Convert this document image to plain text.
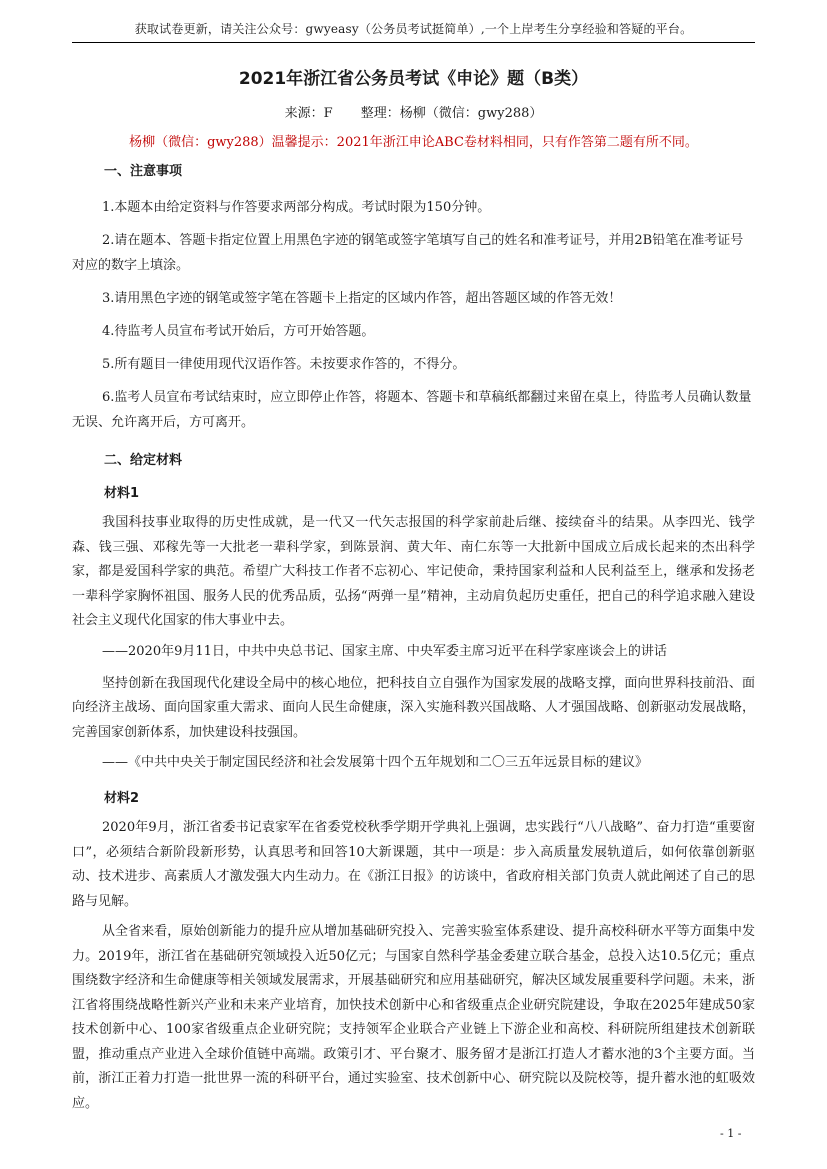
获取试卷更新，请关注公众号：gwyeasy（公务员考试挺简单）,一个上岸考生分享经验和答疑的平台。
2021年浙江省公务员考试《申论》题（B类）
来源：F 整理：杨柳（微信：gwy288）
杨柳（微信：gwy288）温馨提示：2021年浙江申论ABC卷材料相同，只有作答第二题有所不同。
一、注意事项
1.本题本由给定资料与作答要求两部分构成。考试时限为150分钟。
2.请在题本、答题卡指定位置上用黑色字迹的钢笔或签字笔填写自己的姓名和准考证号，并用2B铅笔在准考证号对应的数字上填涂。
3.请用黑色字迹的钢笔或签字笔在答题卡上指定的区域内作答，超出答题区域的作答无效！
4.待监考人员宣布考试开始后，方可开始答题。
5.所有题目一律使用现代汉语作答。未按要求作答的，不得分。
6.监考人员宣布考试结束时，应立即停止作答，将题本、答题卡和草稿纸都翻过来留在桌上，待监考人员确认数量无误、允许离开后，方可离开。
二、给定材料
材料1
我国科技事业取得的历史性成就，是一代又一代矢志报国的科学家前赴后继、接续奋斗的结果。从李四光、钱学森、钱三强、邓稼先等一大批老一辈科学家，到陈景润、黄大年、南仁东等一大批新中国成立后成长起来的杰出科学家，都是爱国科学家的典范。希望广大科技工作者不忘初心、牢记使命，秉持国家利益和人民利益至上，继承和发扬老一辈科学家胸怀祖国、服务人民的优秀品质，弘扬“两弹一星”精神，主动肩负起历史重任，把自己的科学追求融入建设社会主义现代化国家的伟大事业中去。
——2020年9月11日，中共中央总书记、国家主席、中央军委主席习近平在科学家座谈会上的讲话
坚持创新在我国现代化建设全局中的核心地位，把科技自立自强作为国家发展的战略支撑，面向世界科技前沿、面向经济主战场、面向国家重大需求、面向人民生命健康，深入实施科教兴国战略、人才强国战略、创新驱动发展战略，完善国家创新体系，加快建设科技强国。
——《中共中央关于制定国民经济和社会发展第十四个五年规划和二〇三五年远景目标的建议》
材料2
2020年9月，浙江省委书记袁家军在省委党校秋季学期开学典礼上强调，忠实践行“八八战略”、奋力打造“重要窗口”，必须结合新阶段新形势，认真思考和回答10大新课题，其中一项是：步入高质量发展轨道后，如何依靠创新驱动、技术进步、高素质人才激发强大内生动力。在《浙江日报》的访谈中，省政府相关部门负责人就此阐述了自己的思路与见解。
从全省来看，原始创新能力的提升应从增加基础研究投入、完善实验室体系建设、提升高校科研水平等方面集中发力。2019年，浙江省在基础研究领域投入近50亿元；与国家自然科学基金委建立联合基金，总投入达10.5亿元；重点围绕数字经济和生命健康等相关领域发展需求，开展基础研究和应用基础研究，解决区域发展重要科学问题。未来，浙江省将围绕战略性新兴产业和未来产业培育，加快技术创新中心和省级重点企业研究院建设，争取在2025年建成50家技术创新中心、100家省级重点企业研究院；支持领军企业联合产业链上下游企业和高校、科研院所组建技术创新联盟，推动重点产业进入全球价值链中高端。政策引才、平台聚才、服务留才是浙江打造人才蓄水池的3个主要方面。当前，浙江正着力打造一批世界一流的科研平台，通过实验室、技术创新中心、研究院以及院校等，提升蓄水池的虹吸效应。
- 1 -
